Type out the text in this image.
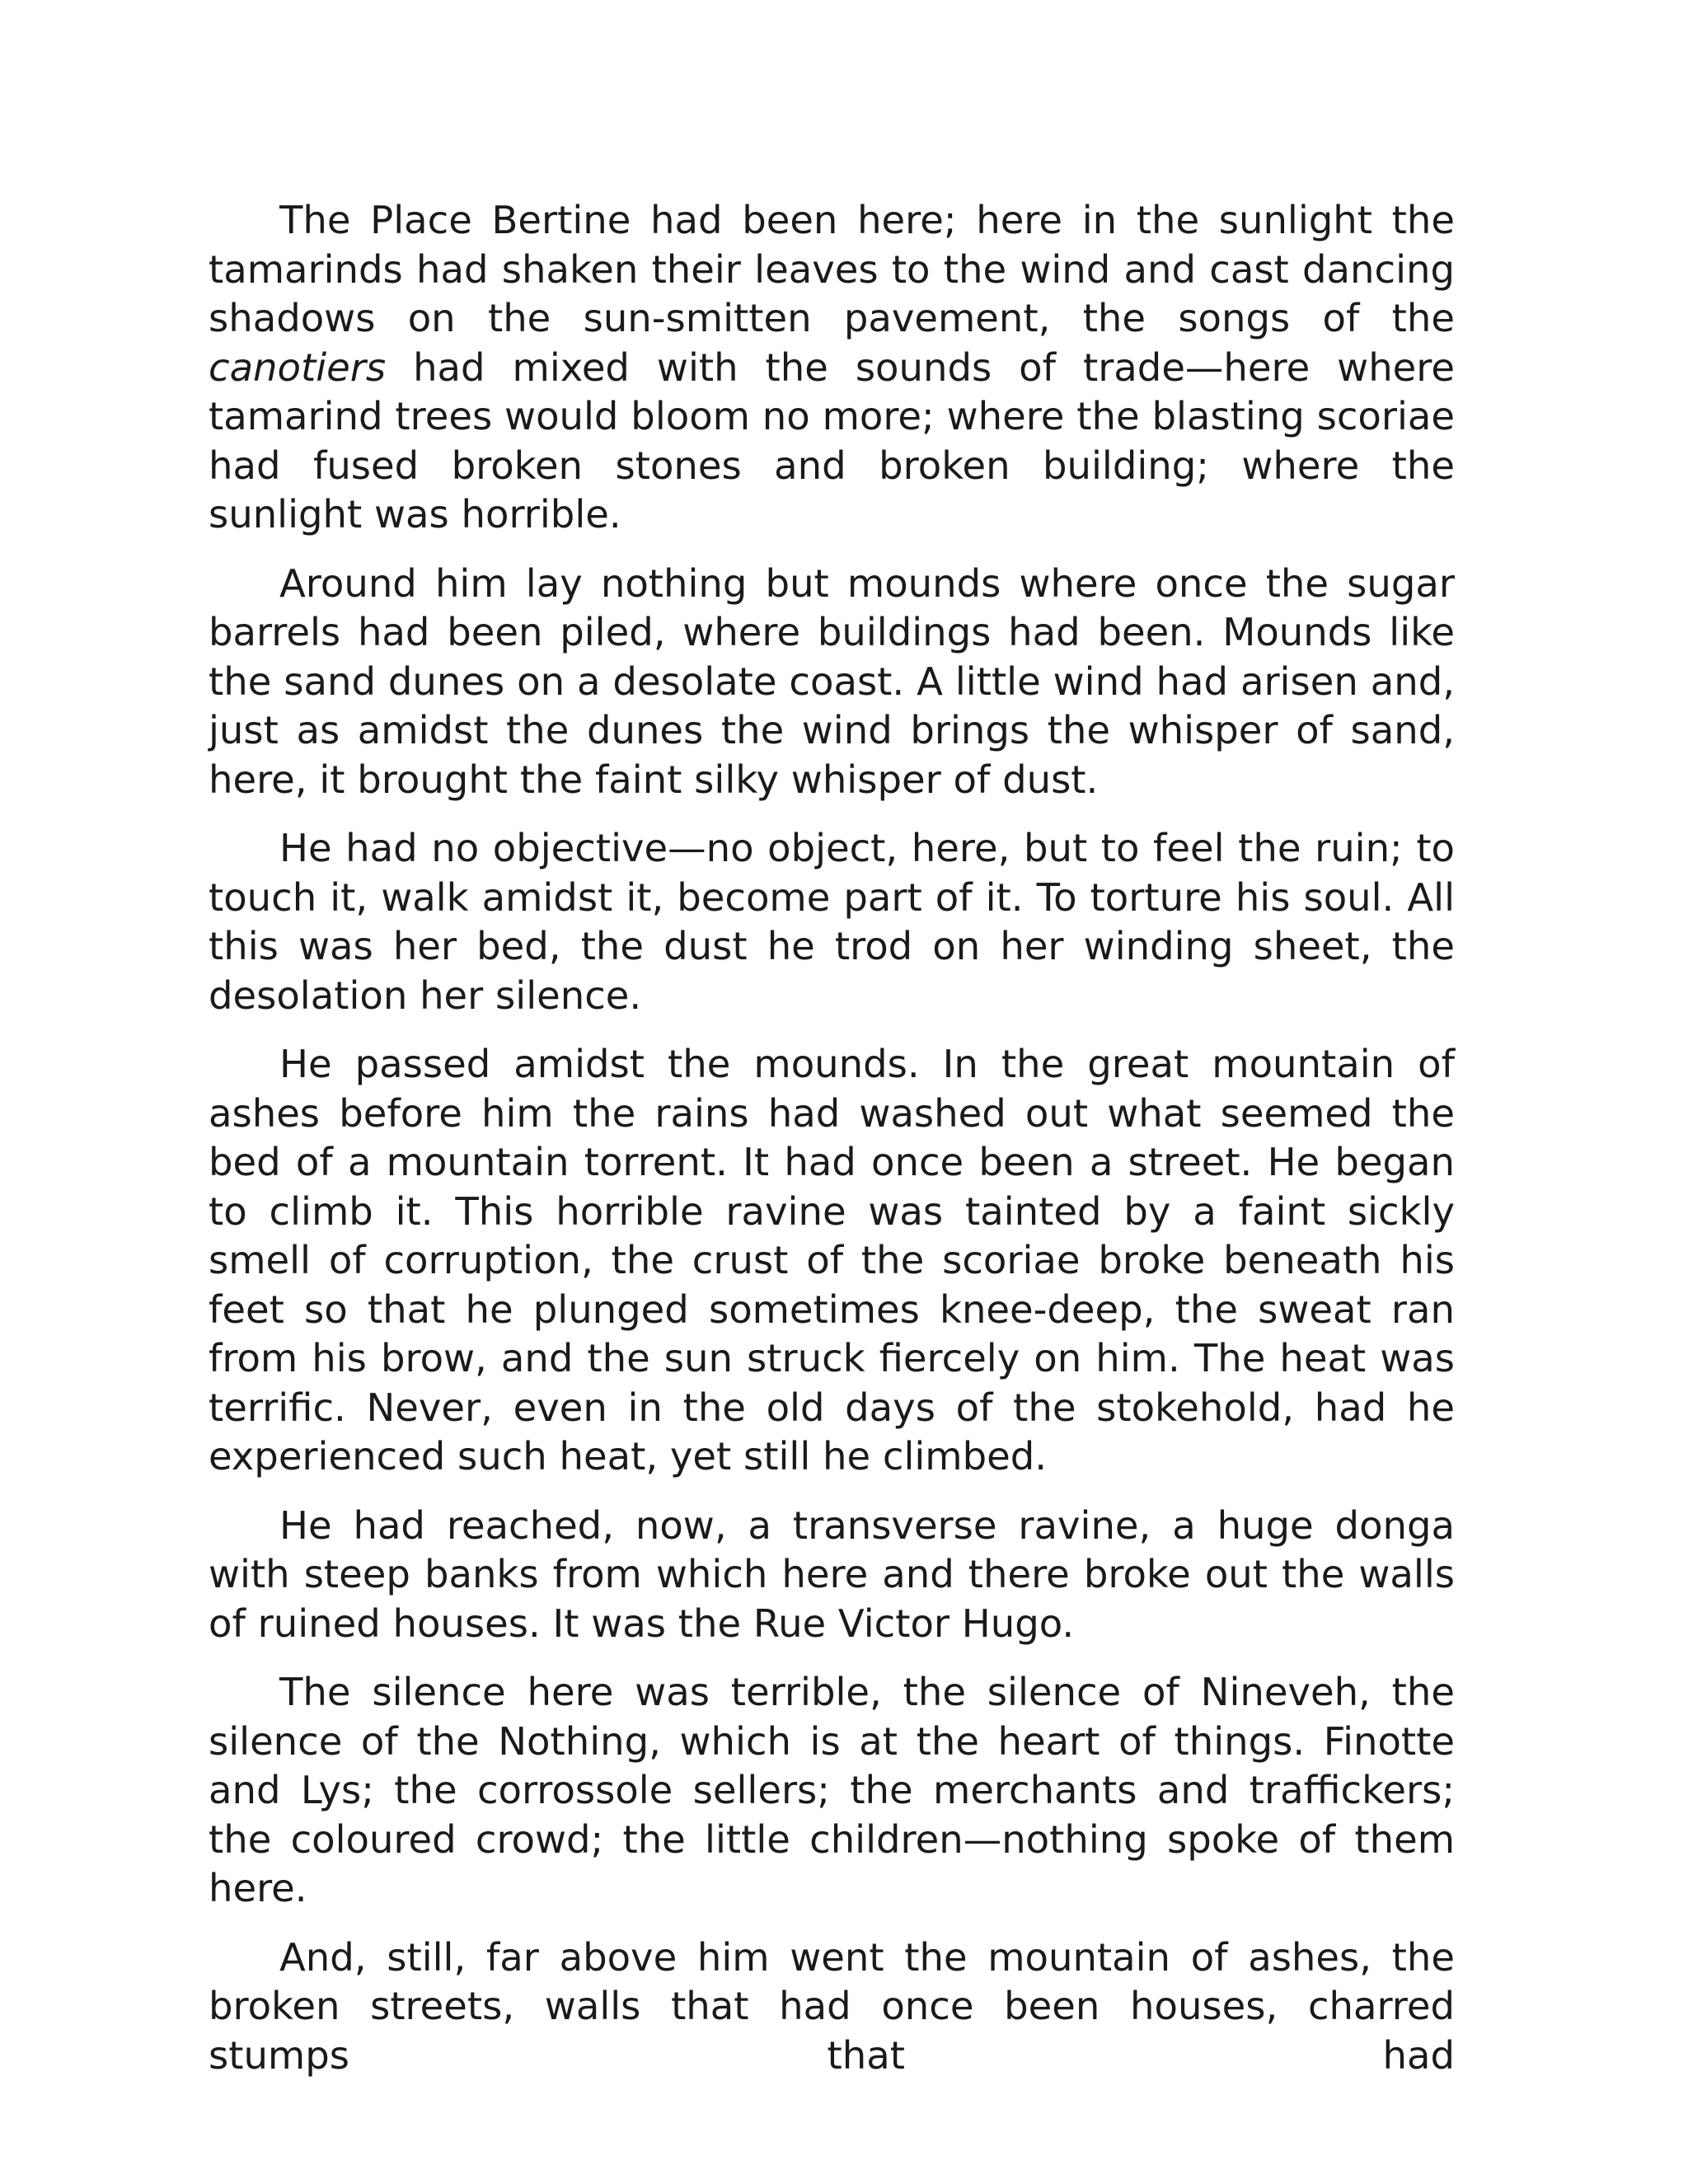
The Place Bertine had been here; here in the sunlight the tamarinds had shaken their leaves to the wind and cast dancing shadows on the sun-smitten pavement, the songs of the canotiers had mixed with the sounds of trade—here where tamarind trees would bloom no more; where the blasting scoriae had fused broken stones and broken building; where the sunlight was horrible.

Around him lay nothing but mounds where once the sugar barrels had been piled, where buildings had been. Mounds like the sand dunes on a desolate coast. A little wind had arisen and, just as amidst the dunes the wind brings the whisper of sand, here, it brought the faint silky whisper of dust.

He had no objective—no object, here, but to feel the ruin; to touch it, walk amidst it, become part of it. To torture his soul. All this was her bed, the dust he trod on her winding sheet, the desolation her silence.

He passed amidst the mounds. In the great mountain of ashes before him the rains had washed out what seemed the bed of a mountain torrent. It had once been a street. He began to climb it. This horrible ravine was tainted by a faint sickly smell of corruption, the crust of the scoriae broke beneath his feet so that he plunged sometimes knee-deep, the sweat ran from his brow, and the sun struck fiercely on him. The heat was terrific. Never, even in the old days of the stokehold, had he experienced such heat, yet still he climbed.

He had reached, now, a transverse ravine, a huge donga with steep banks from which here and there broke out the walls of ruined houses. It was the Rue Victor Hugo.

The silence here was terrible, the silence of Nineveh, the silence of the Nothing, which is at the heart of things. Finotte and Lys; the corrossole sellers; the merchants and traffickers; the coloured crowd; the little children—nothing spoke of them here.

And, still, far above him went the mountain of ashes, the broken streets, walls that had once been houses, charred stumps that had
